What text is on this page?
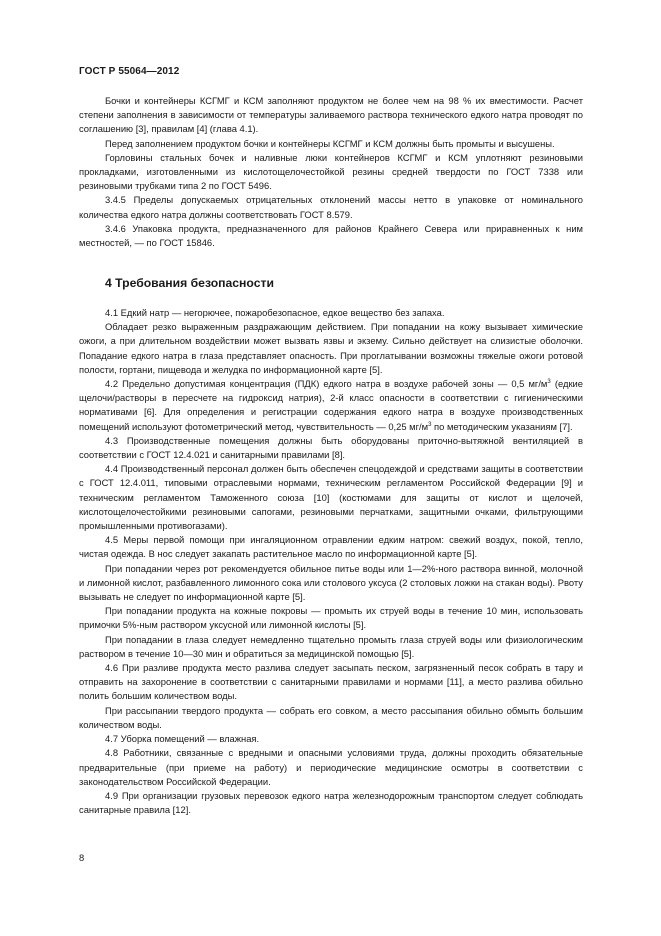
ГОСТ Р 55064—2012

Бочки и контейнеры КСГМГ и КСМ заполняют продуктом не более чем на 98 % их вместимости. Расчет степени заполнения в зависимости от температуры заливаемого раствора технического едкого натра проводят по соглашению [3], правилам [4] (глава 4.1).

Перед заполнением продуктом бочки и контейнеры КСГМГ и КСМ должны быть промыты и высушены.

Горловины стальных бочек и наливные люки контейнеров КСГМГ и КСМ уплотняют резиновыми прокладками, изготовленными из кислотощелочестойкой резины средней твердости по ГОСТ 7338 или резиновыми трубками типа 2 по ГОСТ 5496.

3.4.5 Пределы допускаемых отрицательных отклонений массы нетто в упаковке от номинального количества едкого натра должны соответствовать ГОСТ 8.579.

3.4.6 Упаковка продукта, предназначенного для районов Крайнего Севера или приравненных к ним местностей, — по ГОСТ 15846.

4 Требования безопасности

4.1 Едкий натр — негорючее, пожаробезопасное, едкое вещество без запаха.

Обладает резко выраженным раздражающим действием. При попадании на кожу вызывает химические ожоги, а при длительном воздействии может вызвать язвы и экзему. Сильно действует на слизистые оболочки. Попадание едкого натра в глаза представляет опасность. При проглатывании возможны тяжелые ожоги ротовой полости, гортани, пищевода и желудка по информационной карте [5].

4.2 Предельно допустимая концентрация (ПДК) едкого натра в воздухе рабочей зоны — 0,5 $мг/м^3$ (едкие щелочи/растворы в пересчете на гидроксид натрия), 2-й класс опасности в соответствии с гигиеническими нормативами [6]. Для определения и регистрации содержания едкого натра в воздухе производственных помещений используют фотометрический метод, чувствительность — 0,25 $мг/м^3$ по методическим указаниям [7].

4.3 Производственные помещения должны быть оборудованы приточно-вытяжной вентиляцией в соответствии с ГОСТ 12.4.021 и санитарными правилами [8].

4.4 Производственный персонал должен быть обеспечен спецодеждой и средствами защиты в соответствии с ГОСТ 12.4.011, типовыми отраслевыми нормами, техническим регламентом Российской Федерации [9] и техническим регламентом Таможенного союза [10] (костюмами для защиты от кислот и щелочей, кислотощелочестойкими резиновыми сапогами, резиновыми перчатками, защитными очками, фильтрующими промышленными противогазами).

4.5 Меры первой помощи при ингаляционном отравлении едким натром: свежий воздух, покой, тепло, чистая одежда. В нос следует закапать растительное масло по информационной карте [5].

При попадании через рот рекомендуется обильное питье воды или 1—2%-ного раствора винной, молочной и лимонной кислот, разбавленного лимонного сока или столового уксуса (2 столовых ложки на стакан воды). Рвоту вызывать не следует по информационной карте [5].

При попадании продукта на кожные покровы — промыть их струей воды в течение 10 мин, использовать примочки 5%-ным раствором уксусной или лимонной кислоты [5].

При попадании в глаза следует немедленно тщательно промыть глаза струей воды или физиологическим раствором в течение 10—30 мин и обратиться за медицинской помощью [5].

4.6 При разливе продукта место разлива следует засыпать песком, загрязненный песок собрать в тару и отправить на захоронение в соответствии с санитарными правилами и нормами [11], а место разлива обильно полить большим количеством воды.

При рассыпании твердого продукта — собрать его совком, а место рассыпания обильно обмыть большим количеством воды.

4.7 Уборка помещений — влажная.

4.8 Работники, связанные с вредными и опасными условиями труда, должны проходить обязательные предварительные (при приеме на работу) и периодические медицинские осмотры в соответствии с законодательством Российской Федерации.

4.9 При организации грузовых перевозок едкого натра железнодорожным транспортом следует соблюдать санитарные правила [12].

8
